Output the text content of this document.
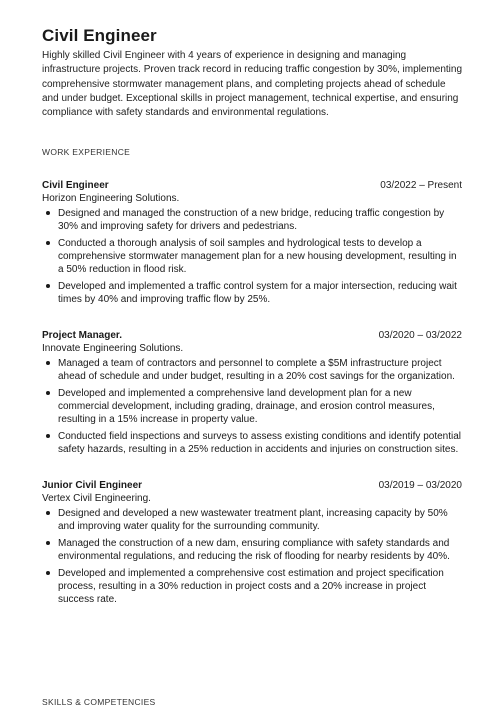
Civil Engineer

Highly skilled Civil Engineer with 4 years of experience in designing and managing infrastructure projects. Proven track record in reducing traffic congestion by 30%, implementing comprehensive stormwater management plans, and completing projects ahead of schedule and under budget. Exceptional skills in project management, technical expertise, and ensuring compliance with safety standards and environmental regulations.

WORK EXPERIENCE
Civil Engineer	03/2022 – Present
Horizon Engineering Solutions.
Designed and managed the construction of a new bridge, reducing traffic congestion by 30% and improving safety for drivers and pedestrians.
Conducted a thorough analysis of soil samples and hydrological tests to develop a comprehensive stormwater management plan for a new housing development, resulting in a 50% reduction in flood risk.
Developed and implemented a traffic control system for a major intersection, reducing wait times by 40% and improving traffic flow by 25%.
Project Manager.	03/2020 – 03/2022
Innovate Engineering Solutions.
Managed a team of contractors and personnel to complete a $5M infrastructure project ahead of schedule and under budget, resulting in a 20% cost savings for the organization.
Developed and implemented a comprehensive land development plan for a new commercial development, including grading, drainage, and erosion control measures, resulting in a 15% increase in property value.
Conducted field inspections and surveys to assess existing conditions and identify potential safety hazards, resulting in a 25% reduction in accidents and injuries on construction sites.
Junior Civil Engineer	03/2019 – 03/2020
Vertex Civil Engineering.
Designed and developed a new wastewater treatment plant, increasing capacity by 50% and improving water quality for the surrounding community.
Managed the construction of a new dam, ensuring compliance with safety standards and environmental regulations, and reducing the risk of flooding for nearby residents by 40%.
Developed and implemented a comprehensive cost estimation and project specification process, resulting in a 30% reduction in project costs and a 20% increase in project success rate.
SKILLS & COMPETENCIES
